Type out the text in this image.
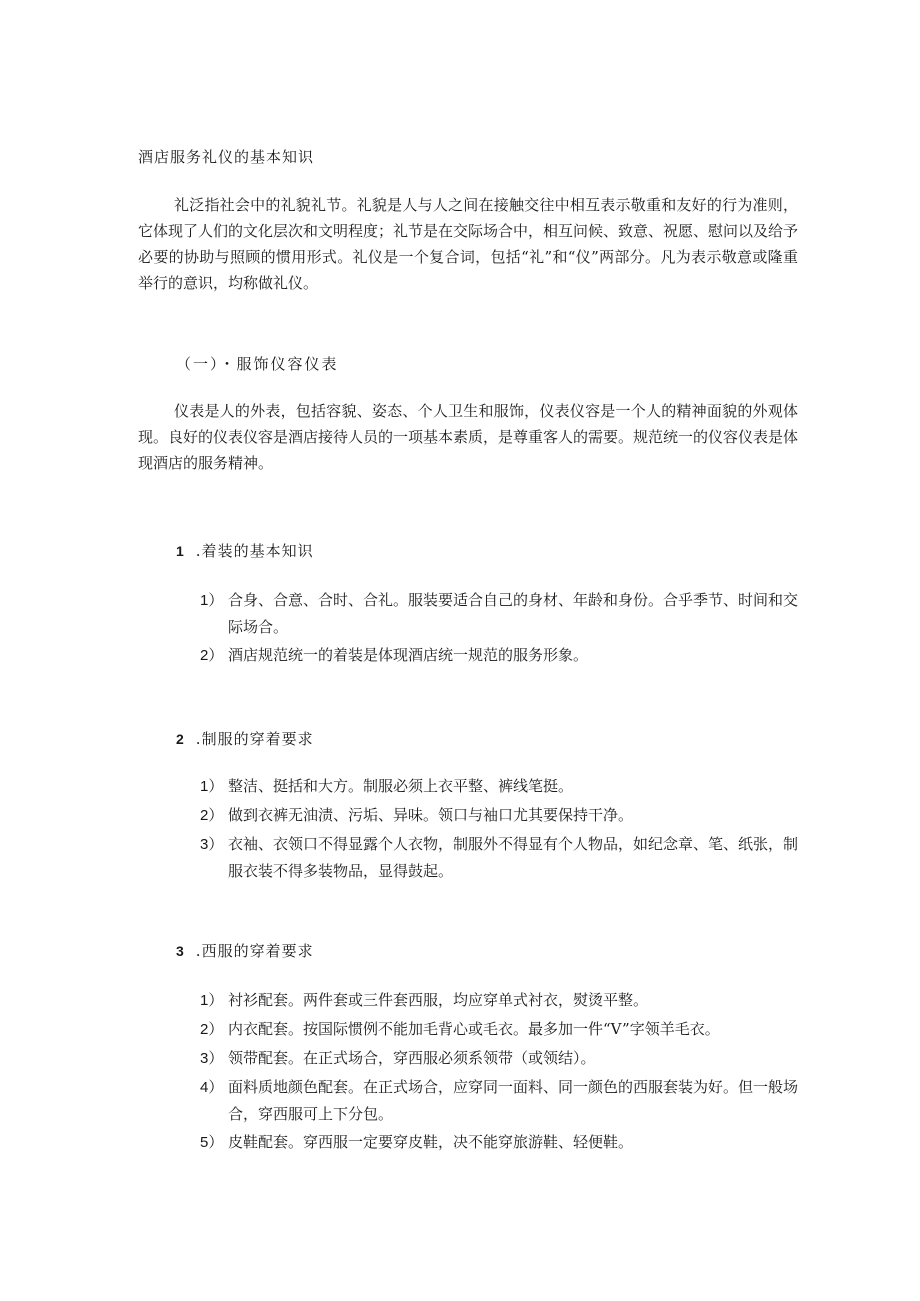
酒店服务礼仪的基本知识

礼泛指社会中的礼貌礼节。礼貌是人与人之间在接触交往中相互表示敬重和友好的行为准则，它体现了人们的文化层次和文明程度；礼节是在交际场合中，相互问候、致意、祝愿、慰问以及给予必要的协助与照顾的惯用形式。礼仪是一个复合词，包括“礼”和“仪”两部分。凡为表示敬意或隆重举行的意识，均称做礼仪。

（一）・服饰仪容仪表

仪表是人的外表，包括容貌、姿态、个人卫生和服饰，仪表仪容是一个人的精神面貌的外观体现。良好的仪表仪容是酒店接待人员的一项基本素质，是尊重客人的需要。规范统一的仪容仪表是体现酒店的服务精神。

1 .着装的基本知识
1） 合身、合意、合时、合礼。服装要适合自己的身材、年龄和身份。合乎季节、时间和交际场合。
2） 酒店规范统一的着装是体现酒店统一规范的服务形象。
2 .制服的穿着要求
1） 整洁、挺括和大方。制服必须上衣平整、裤线笔挺。
2） 做到衣裤无油渍、污垢、异味。领口与袖口尤其要保持干净。
3） 衣袖、衣领口不得显露个人衣物，制服外不得显有个人物品，如纪念章、笔、纸张，制服衣装不得多装物品，显得鼓起。
3 .西服的穿着要求
1） 衬衫配套。两件套或三件套西服，均应穿单式衬衣，熨烫平整。
2） 内衣配套。按国际惯例不能加毛背心或毛衣。最多加一件“V”字领羊毛衣。
3） 领带配套。在正式场合，穿西服必须系领带（或领结）。
4） 面料质地颜色配套。在正式场合，应穿同一面料、同一颜色的西服套装为好。但一般场合，穿西服可上下分包。
5） 皮鞋配套。穿西服一定要穿皮鞋，决不能穿旅游鞋、轻便鞋。
